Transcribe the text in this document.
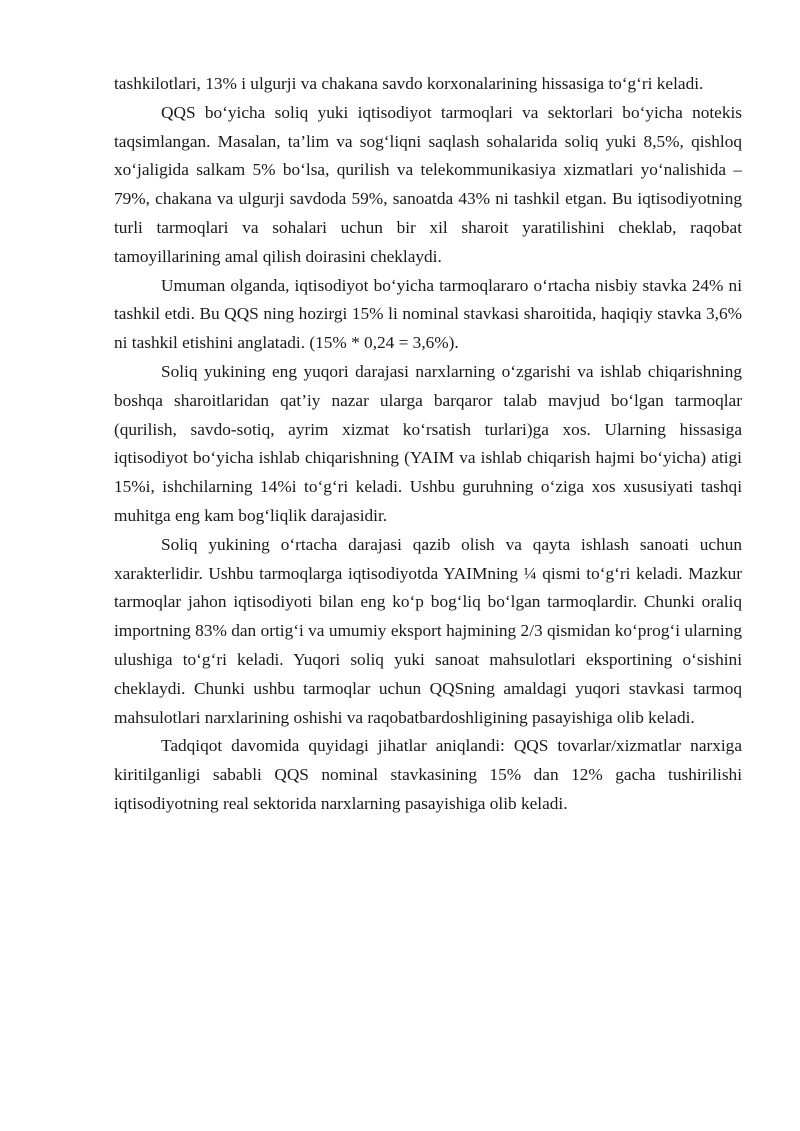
tashkilotlari, 13% i ulgurji va chakana savdo korxonalarining hissasiga to‘g‘ri keladi.

QQS bo‘yicha soliq yuki iqtisodiyot tarmoqlari va sektorlari bo‘yicha notekis taqsimlangan. Masalan, ta’lim va sog‘liqni saqlash sohalarida soliq yuki 8,5%, qishloq xo‘jaligida salkam 5% bo‘lsa, qurilish va telekommunikasiya xizmatlari yo‘nalishida – 79%, chakana va ulgurji savdoda 59%, sanoatda 43% ni tashkil etgan. Bu iqtisodiyotning turli tarmoqlari va sohalari uchun bir xil sharoit yaratilishini cheklab, raqobat tamoyillarining amal qilish doirasini cheklaydi.

Umuman olganda, iqtisodiyot bo‘yicha tarmoqlararo o‘rtacha nisbiy stavka 24% ni tashkil etdi. Bu QQS ning hozirgi 15% li nominal stavkasi sharoitida, haqiqiy stavka 3,6% ni tashkil etishini anglatadi. (15% * 0,24 = 3,6%).

Soliq yukining eng yuqori darajasi narxlarning o‘zgarishi va ishlab chiqarishning boshqa sharoitlaridan qat’iy nazar ularga barqaror talab mavjud bo‘lgan tarmoqlar (qurilish, savdo-sotiq, ayrim xizmat ko‘rsatish turlari)ga xos. Ularning hissasiga iqtisodiyot bo‘yicha ishlab chiqarishning (YAIM va ishlab chiqarish hajmi bo‘yicha) atigi 15%i, ishchilarning 14%i to‘g‘ri keladi. Ushbu guruhning o‘ziga xos xususiyati tashqi muhitga eng kam bog‘liqlik darajasidir.

Soliq yukining o‘rtacha darajasi qazib olish va qayta ishlash sanoati uchun xarakterlidir. Ushbu tarmoqlarga iqtisodiyotda YAIMning ¼ qismi to‘g‘ri keladi. Mazkur tarmoqlar jahon iqtisodiyoti bilan eng ko‘p bog‘liq bo‘lgan tarmoqlardir. Chunki oraliq importning 83% dan ortig‘i va umumiy eksport hajmining 2/3 qismidan ko‘prog‘i ularning ulushiga to‘g‘ri keladi. Yuqori soliq yuki sanoat mahsulotlari eksportining o‘sishini cheklaydi. Chunki ushbu tarmoqlar uchun QQSning amaldagi yuqori stavkasi tarmoq mahsulotlari narxlarining oshishi va raqobatbardoshligining pasayishiga olib keladi.

Tadqiqot davomida quyidagi jihatlar aniqlandi: QQS tovarlar/xizmatlar narxiga kiritilganligi sababli QQS nominal stavkasining 15% dan 12% gacha tushirilishi iqtisodiyotning real sektorida narxlarning pasayishiga olib keladi.
